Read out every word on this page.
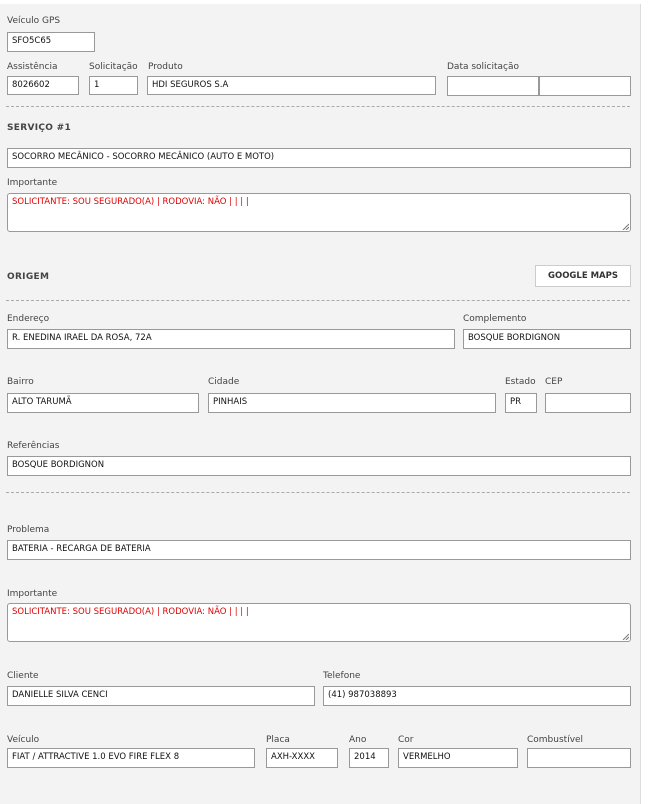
Veículo GPS
SFO5C65
Assistência
8026602
Solicitação
1
Produto
HDI SEGUROS S.A
Data solicitação
SERVIÇO #1
SOCORRO MECÂNICO - SOCORRO MECÂNICO (AUTO E MOTO)
Importante
SOLICITANTE: SOU SEGURADO(A) | RODOVIA: NÃO | | | |
ORIGEM	GOOGLE MAPS
Endereço
R. ENEDINA IRAEL DA ROSA, 72A
Complemento
BOSQUE BORDIGNON
Bairro
ALTO TARUMÃ
Cidade
PINHAIS
Estado
PR
CEP
Referências
BOSQUE BORDIGNON
Problema
BATERIA - RECARGA DE BATERIA
Importante
SOLICITANTE: SOU SEGURADO(A) | RODOVIA: NÃO | | | |
Cliente
DANIELLE SILVA CENCI
Telefone
(41) 987038893
Veículo
FIAT / ATTRACTIVE 1.0 EVO FIRE FLEX 8
Placa
AXH-XXXX
Ano
2014
Cor
VERMELHO
Combustível
